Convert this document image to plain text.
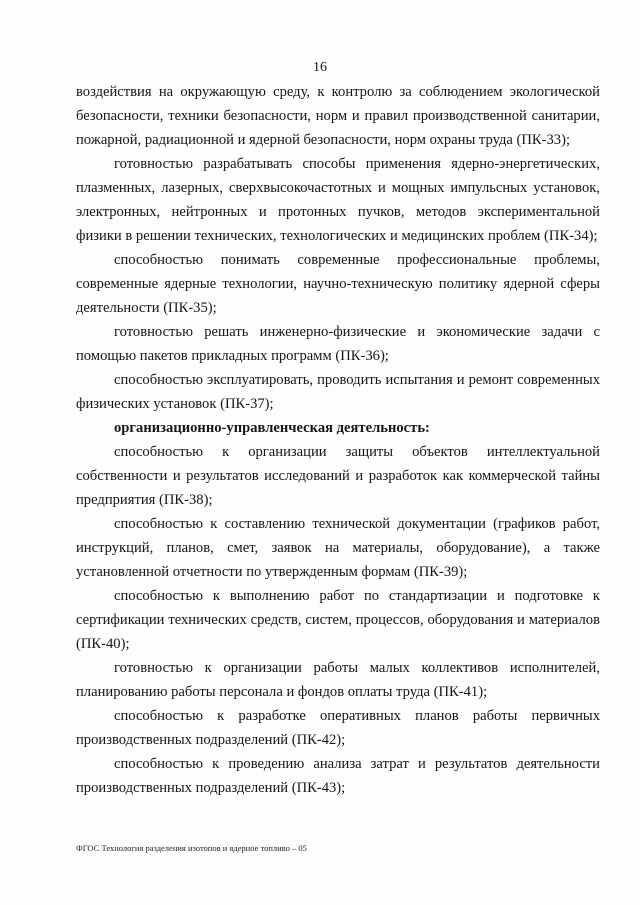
16

воздействия на окружающую среду, к контролю за соблюдением экологической безопасности, техники безопасности, норм и правил производственной санитарии, пожарной, радиационной и ядерной безопасности, норм охраны труда (ПК-33);

готовностью разрабатывать способы применения ядерно-энергетических, плазменных, лазерных, сверхвысокочастотных и мощных импульсных установок, электронных, нейтронных и протонных пучков, методов экспериментальной физики в решении технических, технологических и медицинских проблем (ПК-34);

способностью понимать современные профессиональные проблемы, современные ядерные технологии, научно-техническую политику ядерной сферы деятельности (ПК-35);

готовностью решать инженерно-физические и экономические задачи с помощью пакетов прикладных программ (ПК-36);

способностью эксплуатировать, проводить испытания и ремонт современных физических установок (ПК-37);

организационно-управленческая деятельность:

способностью к организации защиты объектов интеллектуальной собственности и результатов исследований и разработок как коммерческой тайны предприятия (ПК-38);

способностью к составлению технической документации (графиков работ, инструкций, планов, смет, заявок на материалы, оборудование), а также установленной отчетности по утвержденным формам (ПК-39);

способностью к выполнению работ по стандартизации и подготовке к сертификации технических средств, систем, процессов, оборудования и материалов (ПК-40);

готовностью к организации работы малых коллективов исполнителей, планированию работы персонала и фондов оплаты труда (ПК-41);

способностью к разработке оперативных планов работы первичных производственных подразделений (ПК-42);

способностью к проведению анализа затрат и результатов деятельности производственных подразделений (ПК-43);

ФГОС Технология разделения изотопов и ядерное топливо – 05
